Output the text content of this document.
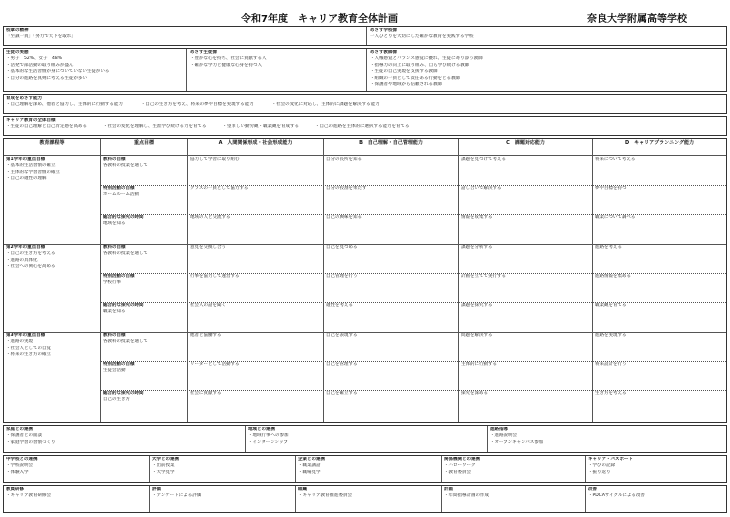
令和7年度　キャリア教育全体計画	奈良大学附属高等学校
校章の精神
「至誠一貫」「努力で天下を取れ」
めざす学校像
一人ひとりを大切にした確かな教育を実践する学校
生徒の実態
・男子　52%、女子　48%
・活発で部活動の取り組みが盛ん
・基本的な生活習慣が身についていない生徒がいる
・自分の進路を真剣に考える生徒が多い
めざす生徒像
・豊かな心を持ち、社会に貢献する人
・確かな学力と健康な心身を持つ人
めざす教師像
・人権感覚とバランス感覚に優れ、生徒に寄り添う教師
・指導力の向上に取り組み、自ら学び続ける教師
・生徒の自己実現を支援する教師
・組織の一員として責任ある行動をとる教師
・保護者や地域から信頼される教師
育成をめざす能力
・自己理解を深め、他者と協力し、主体的に行動する能力	・自己の生き方を考え、将来の夢や目標を実現する能力	・社会の変化に対応し、主体的に課題を解決する能力
キャリア教育の全体目標
・生徒の自己理解と自己肯定感を高める	・社会の変化を理解し、生涯学び続ける力を育てる	・望ましい勤労観・職業観を育成する	・自己の進路を主体的に選択する能力を育てる
教育課程等	重点目標	A　人間関係形成・社会形成能力	B　自己理解・自己管理能力	C　課題対応能力	D　キャリアプランニング能力
第1学年の重点目標
・基本的生活習慣の確立
・主体的な学習習慣の確立
・自己の適性の理解
教科の目標
各教科の授業を通して
協力して学習に取り組む	自分の長所を知る	課題を見つけて考える	将来について考える
特別活動の目標
ホームルーム活動
クラスの一員として協力する	自分の役割を果たす	話し合いで解決する	夢や目標を持つ
総合的な探究の時間
地域を知る
地域の人と交流する	自己の興味を知る	情報を収集する	職業について調べる
第2学年の重点目標
・自己の生き方を考える
・進路の具体化
・社会への関心を高める
教科の目標
各教科の授業を通して
意見を交換し合う	自己を見つめる	課題を分析する	進路を考える
特別活動の目標
学校行事
行事を協力して運営する	自己管理を行う	計画を立てて実行する	進路情報を集める
総合的な探究の時間
職業を知る
社会人の話を聞く	適性を考える	課題を探究する	職業観を育てる
第3学年の重点目標
・進路の実現
・社会人としての自覚
・将来の生き方の確立
教科の目標
各教科の授業を通して
他者と協働する	自己を表現する	問題を解決する	進路を実現する
特別活動の目標
生徒会活動
リーダーとして活動する	自己を管理する	主体的に行動する	将来設計を行う
総合的な探究の時間
自己の生き方
社会に貢献する	自己を確立する	探究を深める	生き方を考える
家庭との連携
・保護者との面談
・家庭学習の習慣づくり
地域との連携
・地域行事への参加
・インターンシップ
進路指導
・進路説明会
・オープンキャンパス参加
中学校との連携
・学校説明会
・体験入学
大学との連携
・出前授業
・大学見学
企業との連携
・職業講話
・職場見学
関係機関との連携
・ハローワーク
・教育委員会
キャリア・パスポート
・学びの記録
・振り返り
教員研修
・キャリア教育研修会
評価
・アンケートによる評価
組織
・キャリア教育推進委員会
計画
・年間指導計画の作成
改善
・PDCAサイクルによる改善
